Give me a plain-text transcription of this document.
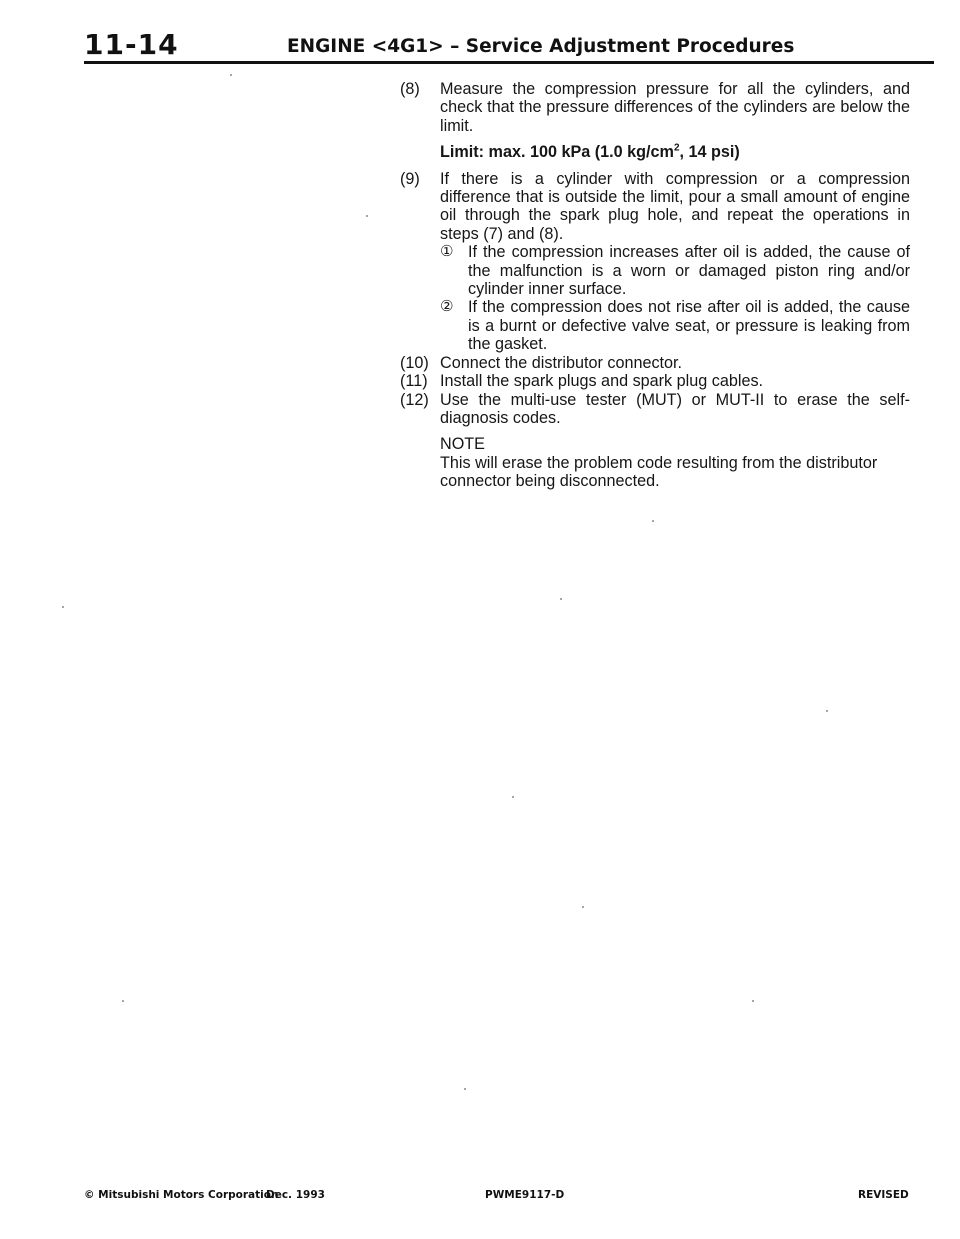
11-14	ENGINE <4G1> – Service Adjustment Procedures
(8)	Measure the compression pressure for all the cylinders, and check that the pressure differences of the cylinders are below the limit.
Limit: max. 100 kPa (1.0 $kg/cm^2$, 14 psi)
(9)	If there is a cylinder with compression or a compression difference that is outside the limit, pour a small amount of engine oil through the spark plug hole, and repeat the operations in steps (7) and (8).
① If the compression increases after oil is added, the cause of the malfunction is a worn or damaged piston ring and/or cylinder inner surface.
② If the compression does not rise after oil is added, the cause is a burnt or defective valve seat, or pressure is leaking from the gasket.
(10) Connect the distributor connector.
(11) Install the spark plugs and spark plug cables.
(12) Use the multi-use tester (MUT) or MUT-II to erase the self-diagnosis codes.
NOTE
This will erase the problem code resulting from the distributor connector being disconnected.
© Mitsubishi Motors Corporation
Dec. 1993	PWME9117-D	REVISED
